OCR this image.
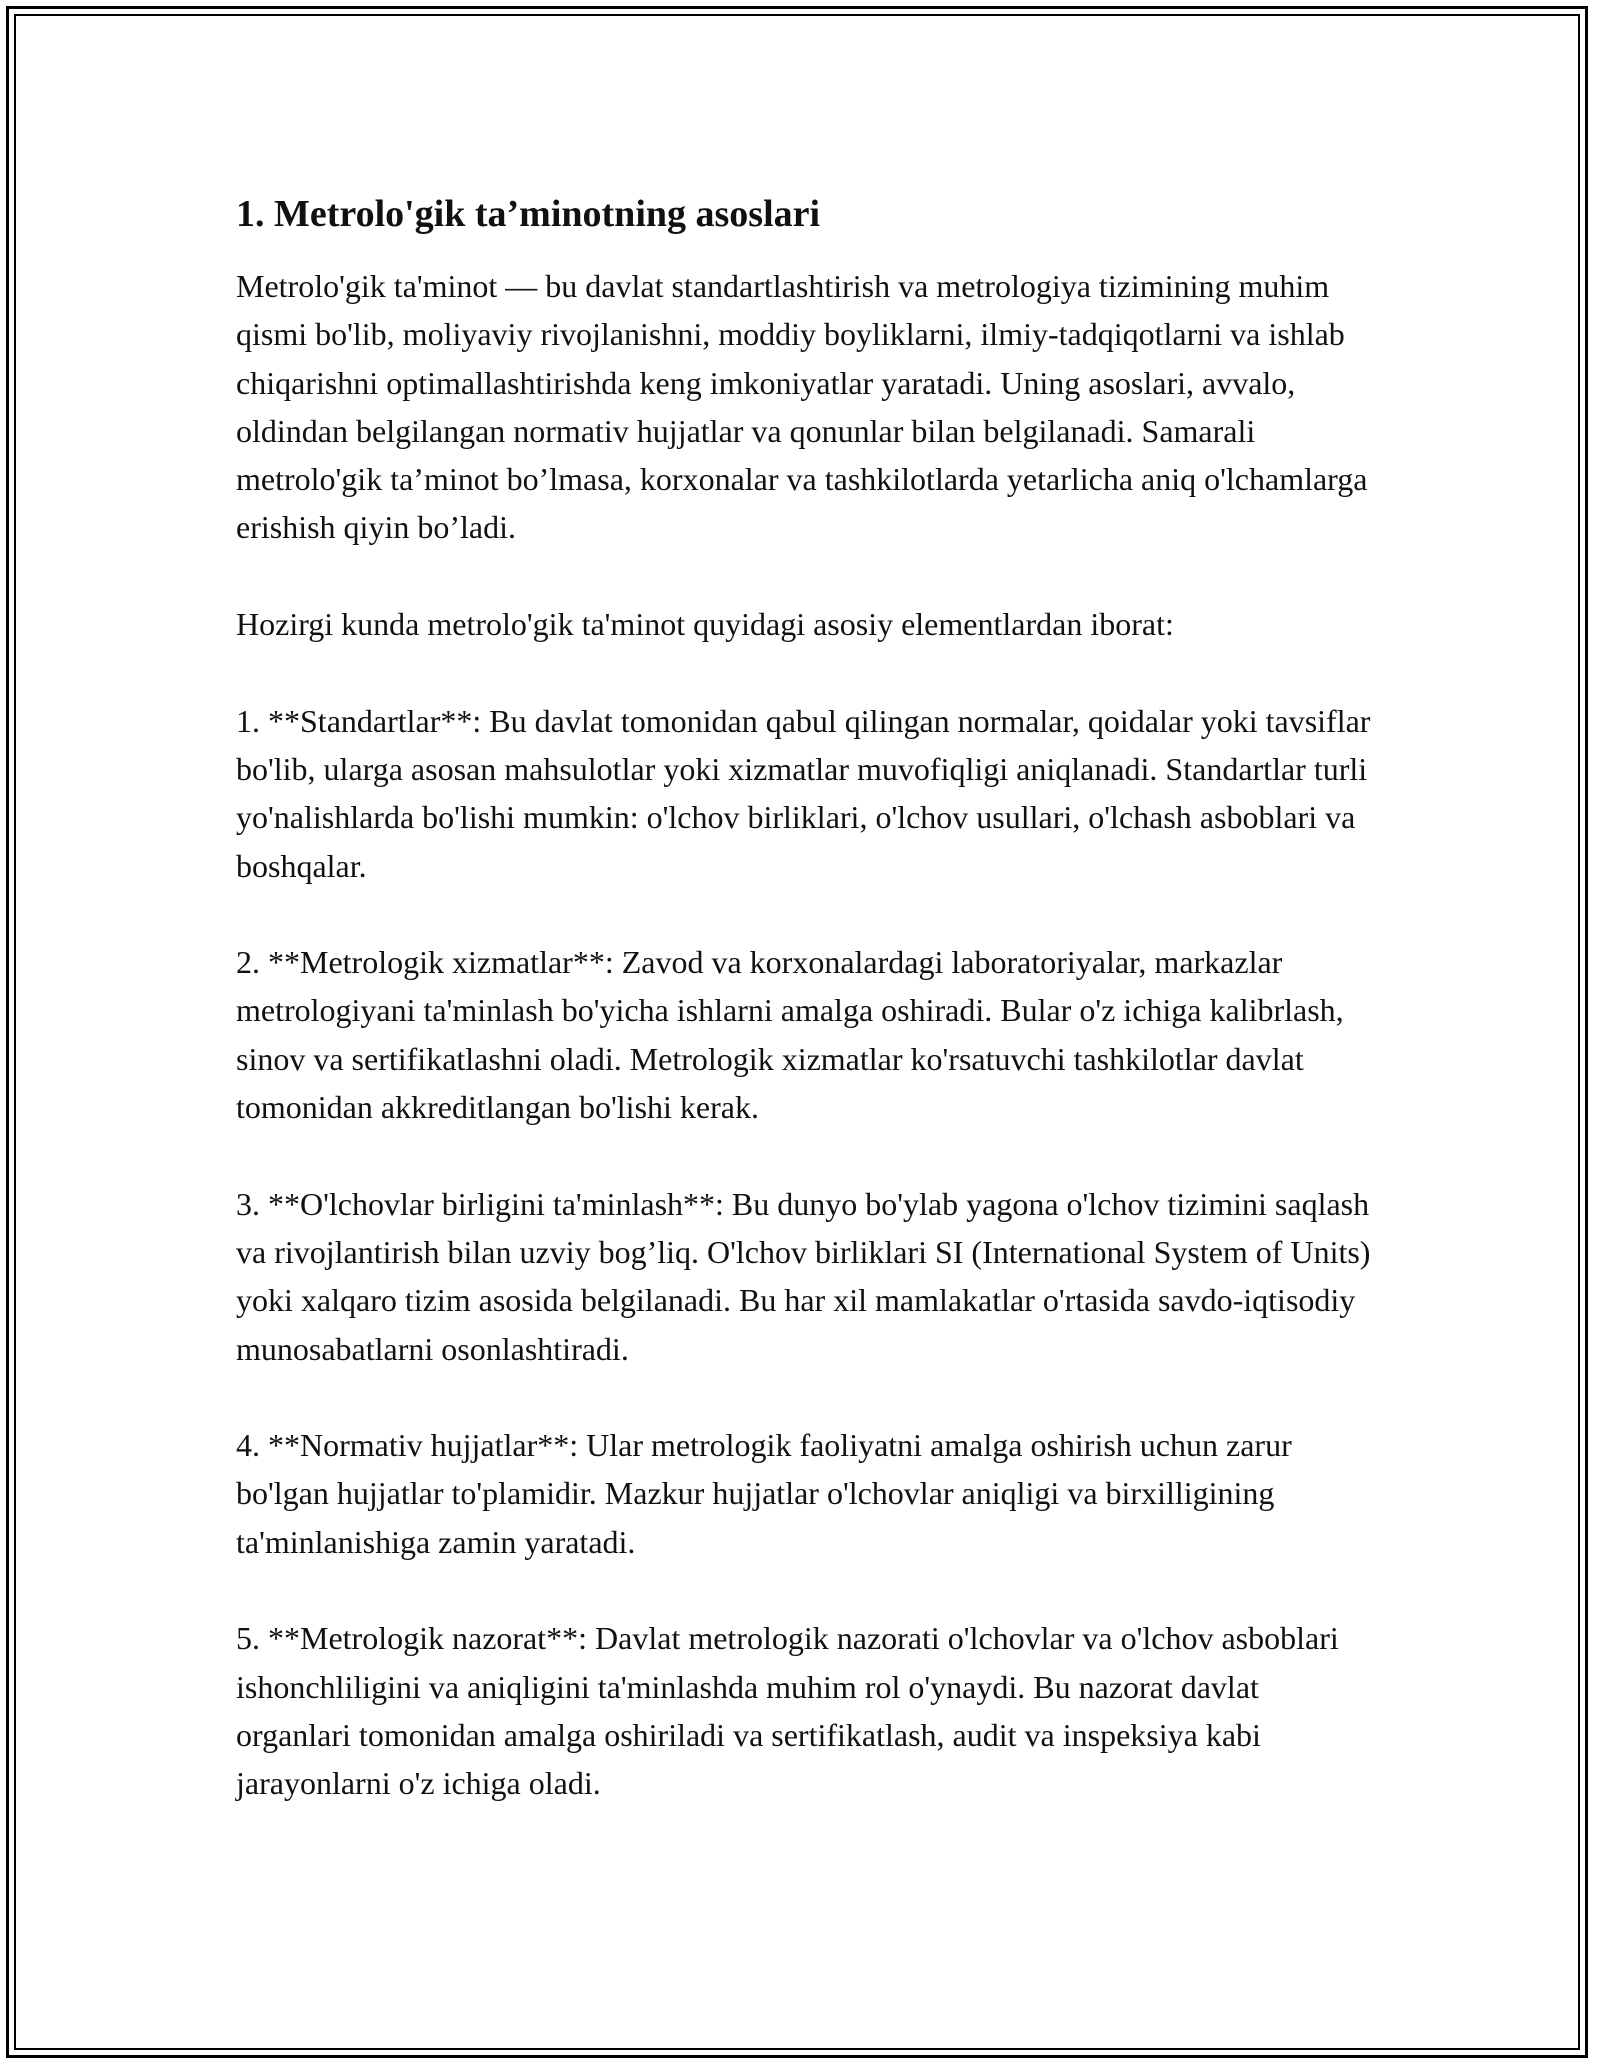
1. Metrolo'gik ta’minotning asoslari

Metrolo'gik ta'minot — bu davlat standartlashtirish va metrologiya tizimining muhim qismi bo'lib, moliyaviy rivojlanishni, moddiy boyliklarni, ilmiy-tadqiqotlarni va ishlab chiqarishni optimallashtirishda keng imkoniyatlar yaratadi. Uning asoslari, avvalo, oldindan belgilangan normativ hujjatlar va qonunlar bilan belgilanadi. Samarali metrolo'gik ta’minot bo’lmasa, korxonalar va tashkilotlarda yetarlicha aniq o'lchamlarga erishish qiyin bo’ladi.

Hozirgi kunda metrolo'gik ta'minot quyidagi asosiy elementlardan iborat:

1. **Standartlar**: Bu davlat tomonidan qabul qilingan normalar, qoidalar yoki tavsiflar bo'lib, ularga asosan mahsulotlar yoki xizmatlar muvofiqligi aniqlanadi. Standartlar turli yo'nalishlarda bo'lishi mumkin: o'lchov birliklari, o'lchov usullari, o'lchash asboblari va boshqalar.

2. **Metrologik xizmatlar**: Zavod va korxonalardagi laboratoriyalar, markazlar metrologiyani ta'minlash bo'yicha ishlarni amalga oshiradi. Bular o'z ichiga kalibrlash, sinov va sertifikatlashni oladi. Metrologik xizmatlar ko'rsatuvchi tashkilotlar davlat tomonidan akkreditlangan bo'lishi kerak.

3. **O'lchovlar birligini ta'minlash**: Bu dunyo bo'ylab yagona o'lchov tizimini saqlash va rivojlantirish bilan uzviy bog’liq. O'lchov birliklari SI (International System of Units) yoki xalqaro tizim asosida belgilanadi. Bu har xil mamlakatlar o'rtasida savdo-iqtisodiy munosabatlarni osonlashtiradi.

4. **Normativ hujjatlar**: Ular metrologik faoliyatni amalga oshirish uchun zarur bo'lgan hujjatlar to'plamidir. Mazkur hujjatlar o'lchovlar aniqligi va birxilligining ta'minlanishiga zamin yaratadi.

5. **Metrologik nazorat**: Davlat metrologik nazorati o'lchovlar va o'lchov asboblari ishonchliligini va aniqligini ta'minlashda muhim rol o'ynaydi. Bu nazorat davlat organlari tomonidan amalga oshiriladi va sertifikatlash, audit va inspeksiya kabi jarayonlarni o'z ichiga oladi.
